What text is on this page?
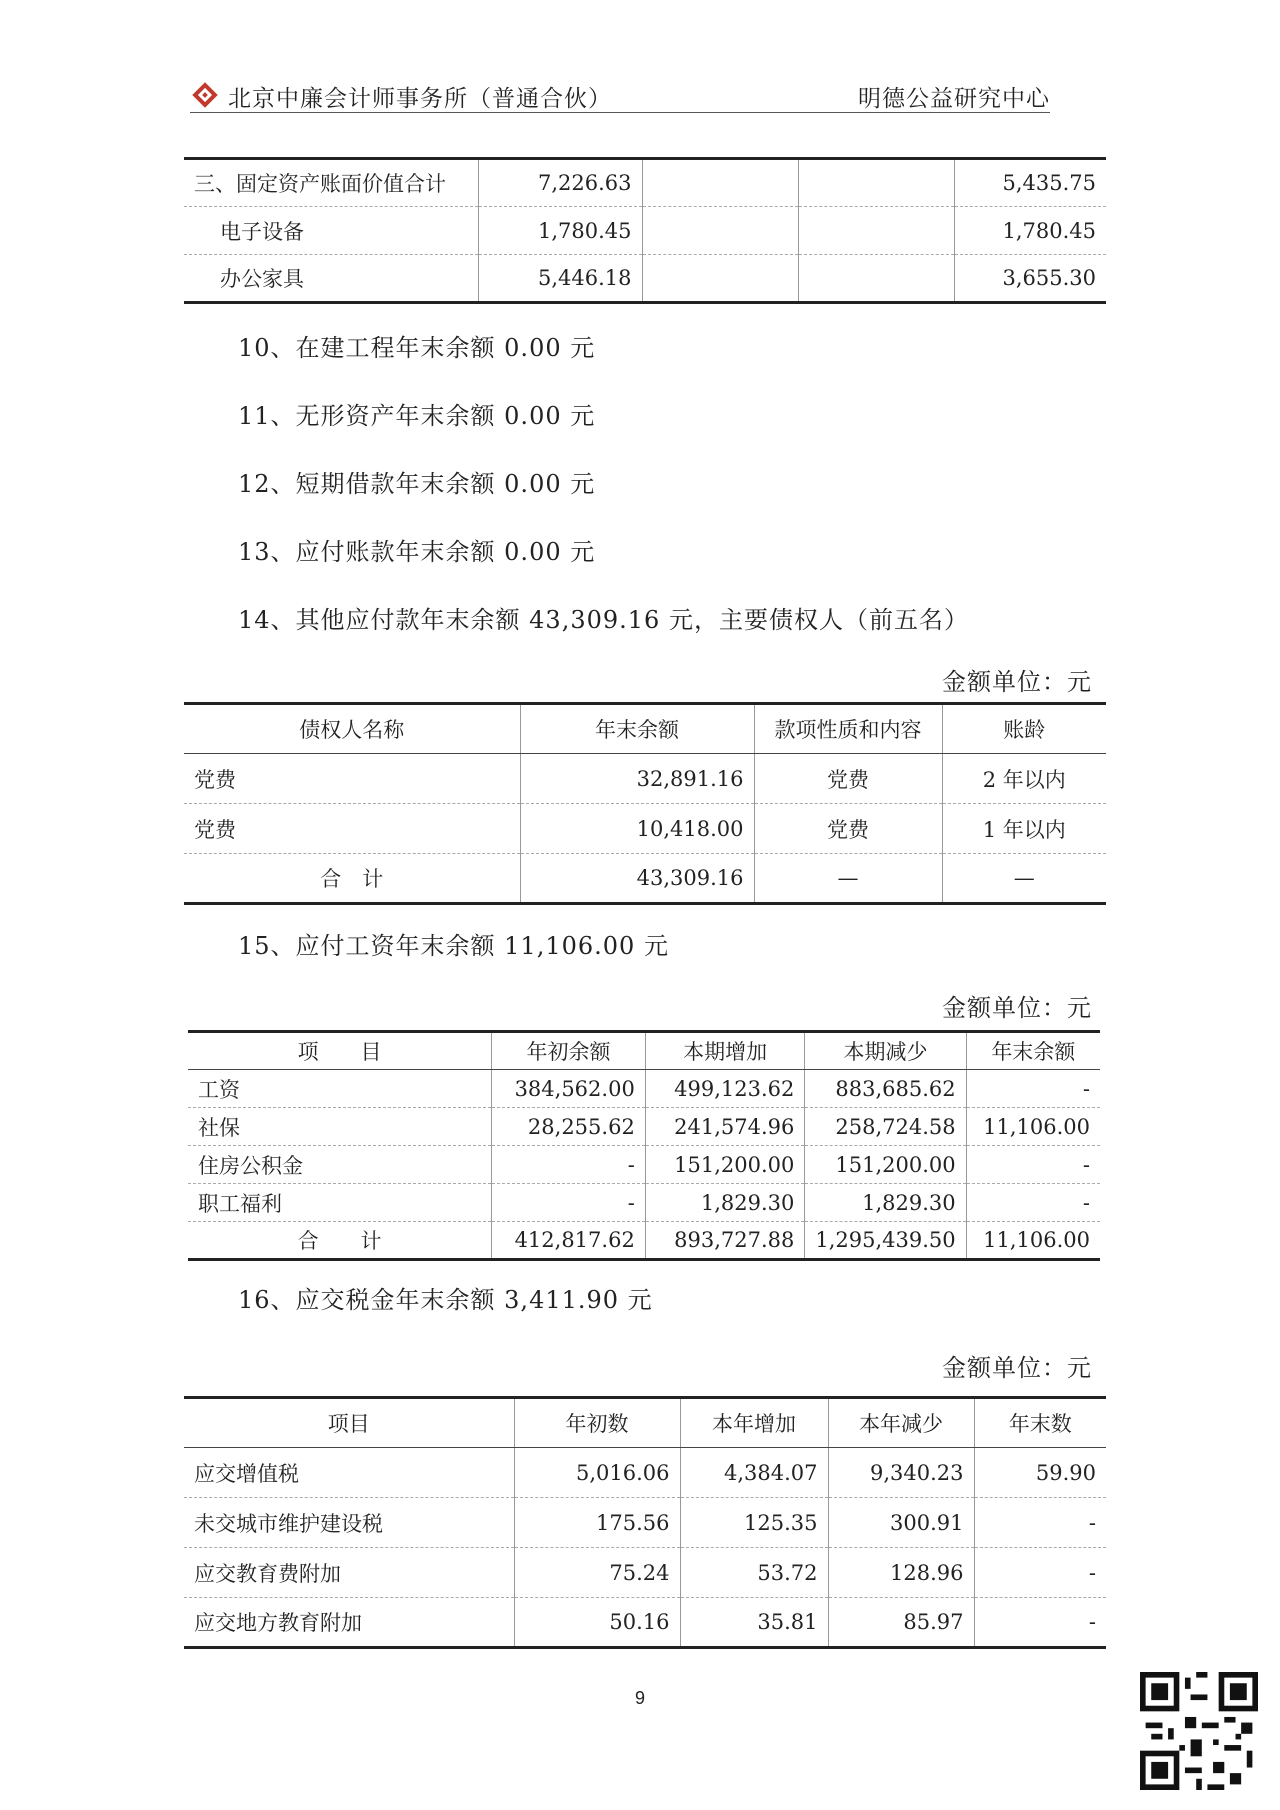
北京中廉会计师事务所（普通合伙）	明德公益研究中心
三、固定资产账面价值合计	7,226.63			5,435.75
电子设备	1,780.45			1,780.45
办公家具	5,446.18			3,655.30
10、在建工程年末余额 0.00 元
11、无形资产年末余额 0.00 元
12、短期借款年末余额 0.00 元
13、应付账款年末余额 0.00 元
14、其他应付款年末余额 43,309.16 元，主要债权人（前五名）
金额单位：元
债权人名称	年末余额	款项性质和内容	账龄
党费	32,891.16	党费	2 年以内
党费	10,418.00	党费	1 年以内
合　计	43,309.16	—	—
15、应付工资年末余额 11,106.00 元
金额单位：元
项　　目	年初余额	本期增加	本期减少	年末余额
工资	384,562.00	499,123.62	883,685.62	-
社保	28,255.62	241,574.96	258,724.58	11,106.00
住房公积金	-	151,200.00	151,200.00	-
职工福利	-	1,829.30	1,829.30	-
合　　计	412,817.62	893,727.88	1,295,439.50	11,106.00
16、应交税金年末余额 3,411.90 元
金额单位：元
项目	年初数	本年增加	本年减少	年末数
应交增值税	5,016.06	4,384.07	9,340.23	59.90
未交城市维护建设税	175.56	125.35	300.91	-
应交教育费附加	75.24	53.72	128.96	-
应交地方教育附加	50.16	35.81	85.97	-
9
